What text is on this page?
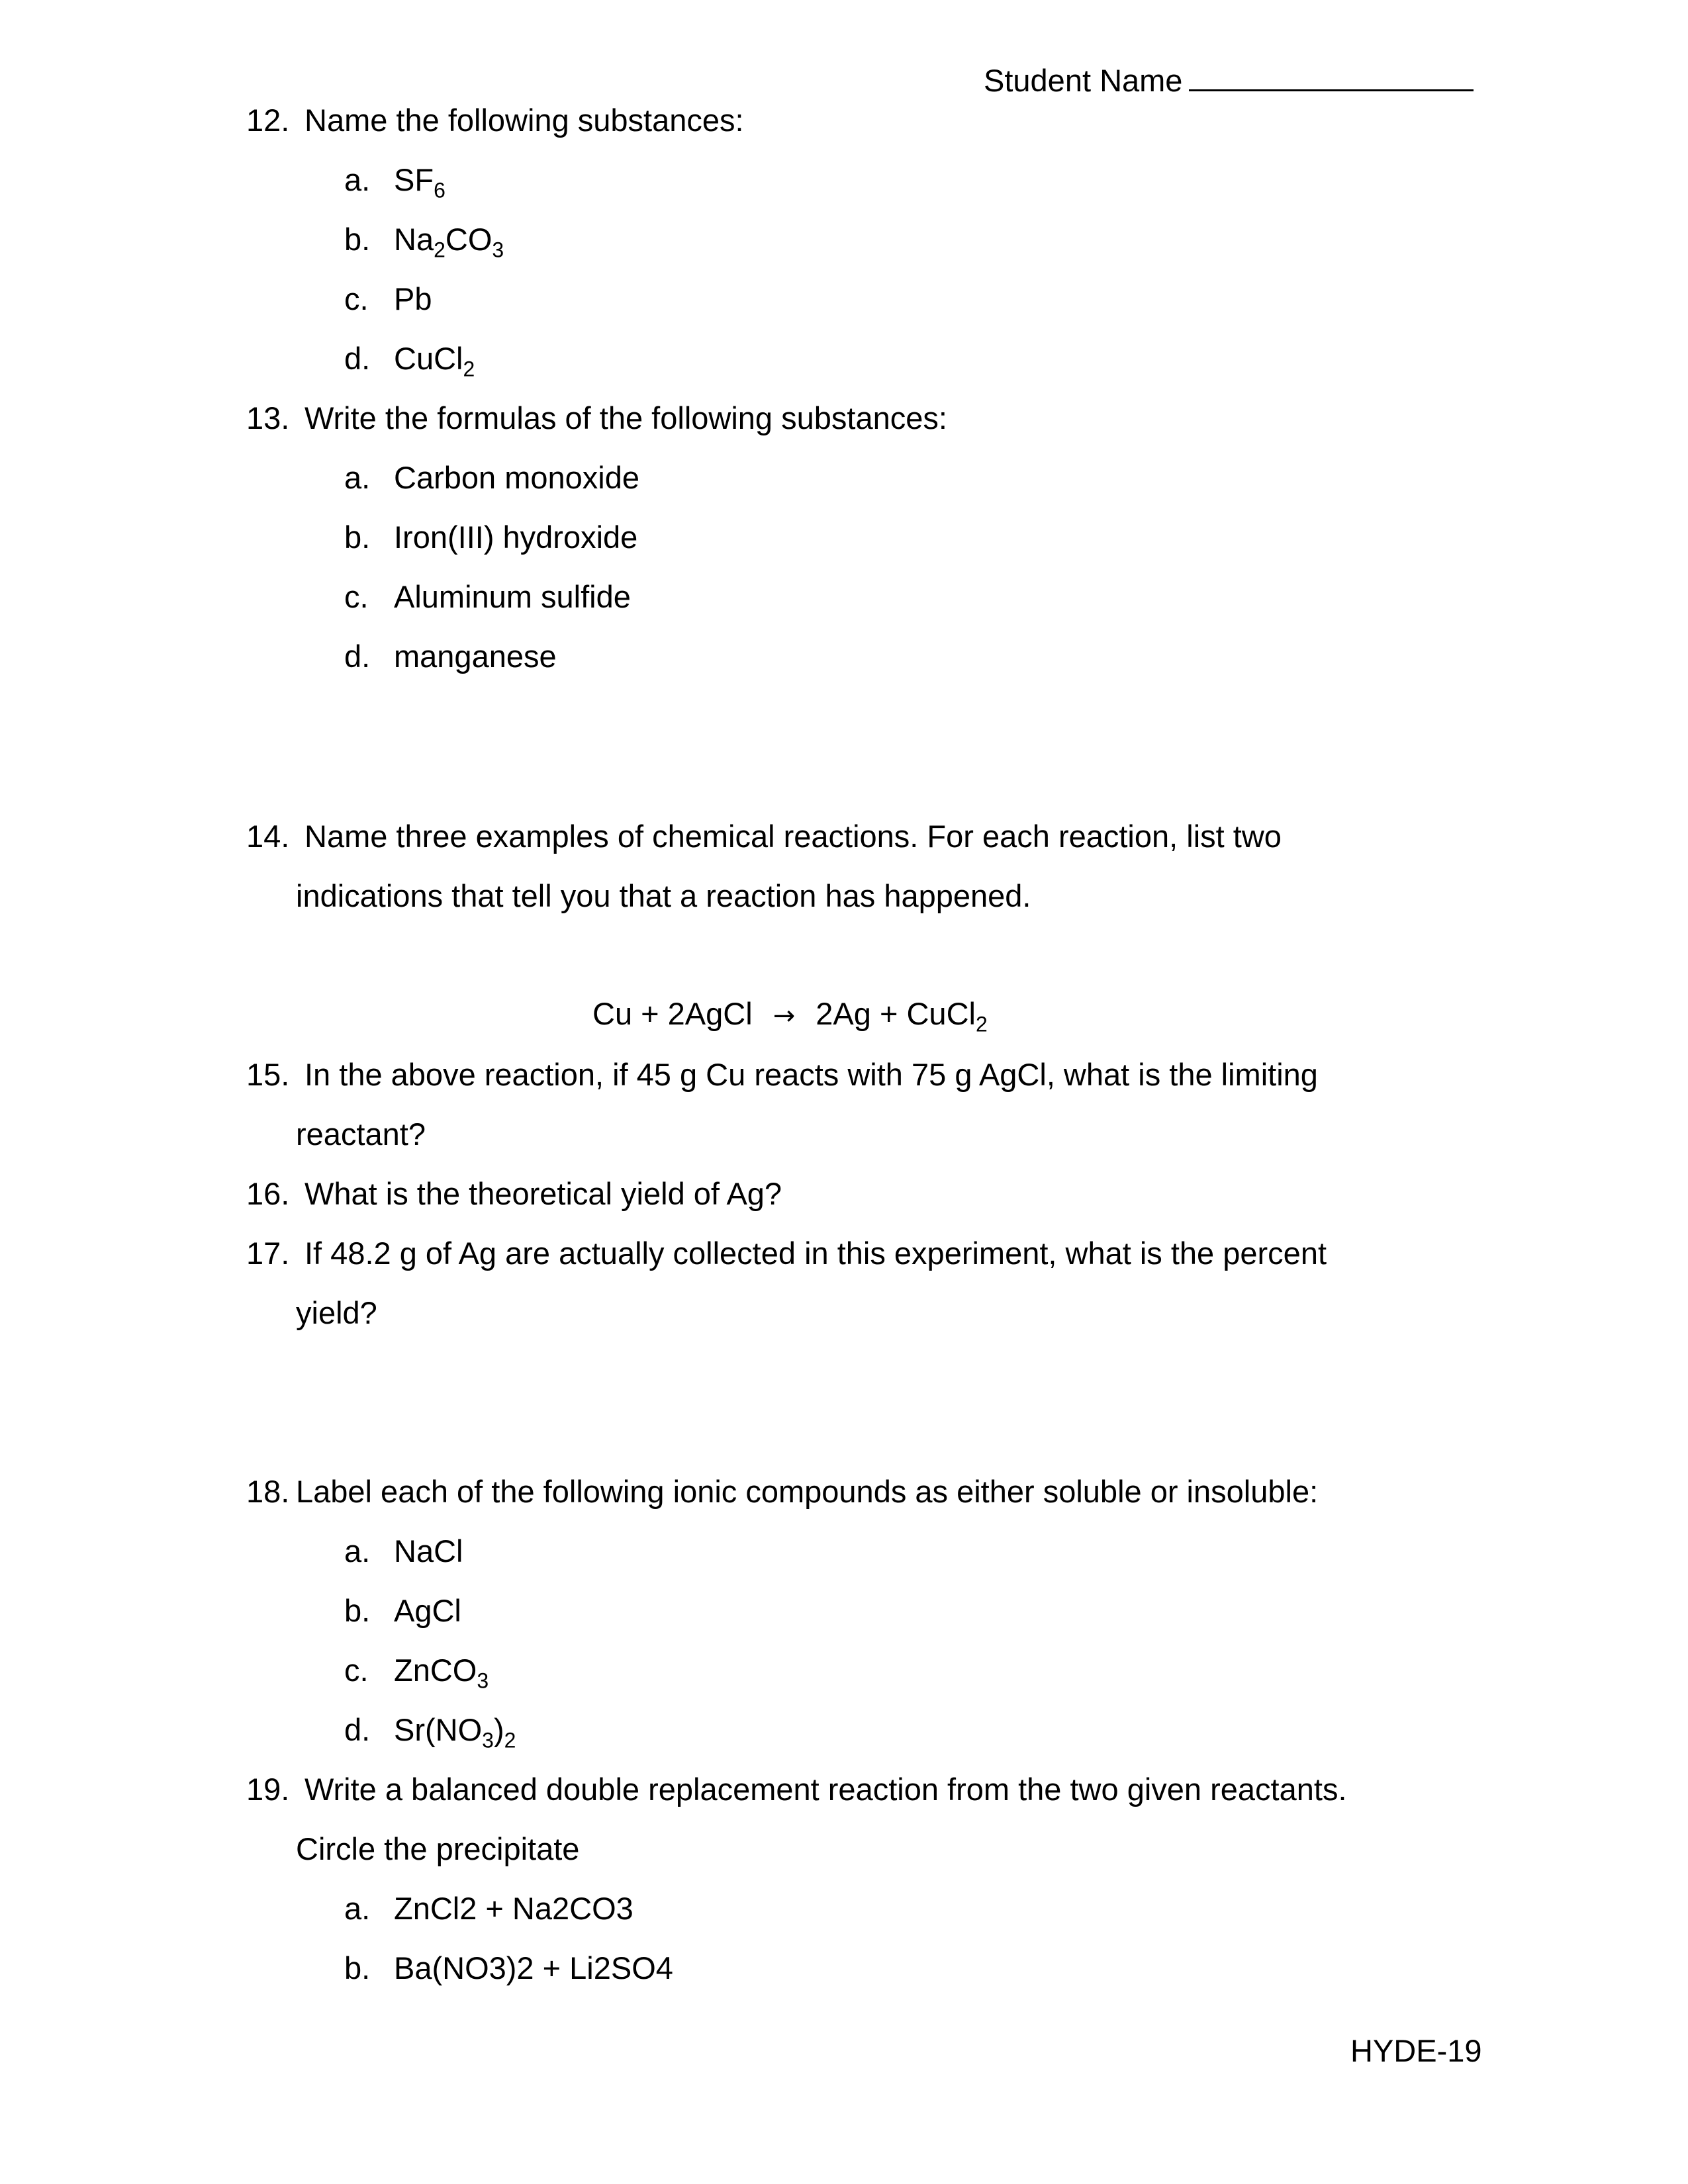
Student Name
12. Name the following substances:
a. $SF_6$
b. $Na_2CO_3$
c. Pb
d. CuCl$_2$
13. Write the formulas of the following substances:
a. Carbon monoxide
b. Iron(III) hydroxide
c. Aluminum sulfide
d. manganese
14. Name three examples of chemical reactions. For each reaction, list two
indications that tell you that a reaction has happened.
Cu + 2AgCl → 2Ag + CuCl$_2$
15. In the above reaction, if 45 g Cu reacts with 75 g AgCl, what is the limiting
reactant?
16. What is the theoretical yield of Ag?
17. If 48.2 g of Ag are actually collected in this experiment, what is the percent
yield?
18. Label each of the following ionic compounds as either soluble or insoluble:
a. NaCl
b. AgCl
c. ZnCO$_3$
d. $Sr(NO_3)_2$
19. Write a balanced double replacement reaction from the two given reactants.
Circle the precipitate
a. ZnCl2 + Na2CO3
b. Ba(NO3)2 + Li2SO4
HYDE-19
